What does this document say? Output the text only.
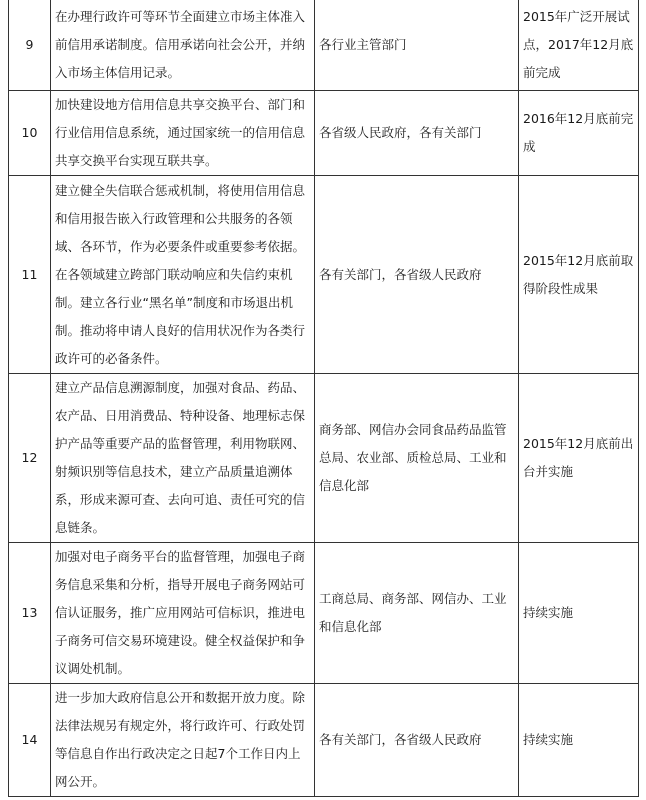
9	在办理行政许可等环节全面建立市场主体准入前信用承诺制度。信用承诺向社会公开，并纳入市场主体信用记录。	各行业主管部门	2015年广泛开展试点，2017年12月底前完成
10	加快建设地方信用信息共享交换平台、部门和行业信用信息系统，通过国家统一的信用信息共享交换平台实现互联共享。	各省级人民政府，各有关部门	2016年12月底前完成
11	建立健全失信联合惩戒机制，将使用信用信息和信用报告嵌入行政管理和公共服务的各领域、各环节，作为必要条件或重要参考依据。在各领域建立跨部门联动响应和失信约束机制。建立各行业“黑名单”制度和市场退出机制。推动将申请人良好的信用状况作为各类行政许可的必备条件。	各有关部门，各省级人民政府	2015年12月底前取得阶段性成果
12	建立产品信息溯源制度，加强对食品、药品、农产品、日用消费品、特种设备、地理标志保护产品等重要产品的监督管理，利用物联网、射频识别等信息技术，建立产品质量追溯体系，形成来源可查、去向可追、责任可究的信息链条。	商务部、网信办会同食品药品监管总局、农业部、质检总局、工业和信息化部	2015年12月底前出台并实施
13	加强对电子商务平台的监督管理，加强电子商务信息采集和分析，指导开展电子商务网站可信认证服务，推广应用网站可信标识，推进电子商务可信交易环境建设。健全权益保护和争议调处机制。	工商总局、商务部、网信办、工业和信息化部	持续实施
14	进一步加大政府信息公开和数据开放力度。除法律法规另有规定外，将行政许可、行政处罚等信息自作出行政决定之日起7个工作日内上网公开。	各有关部门，各省级人民政府	持续实施
